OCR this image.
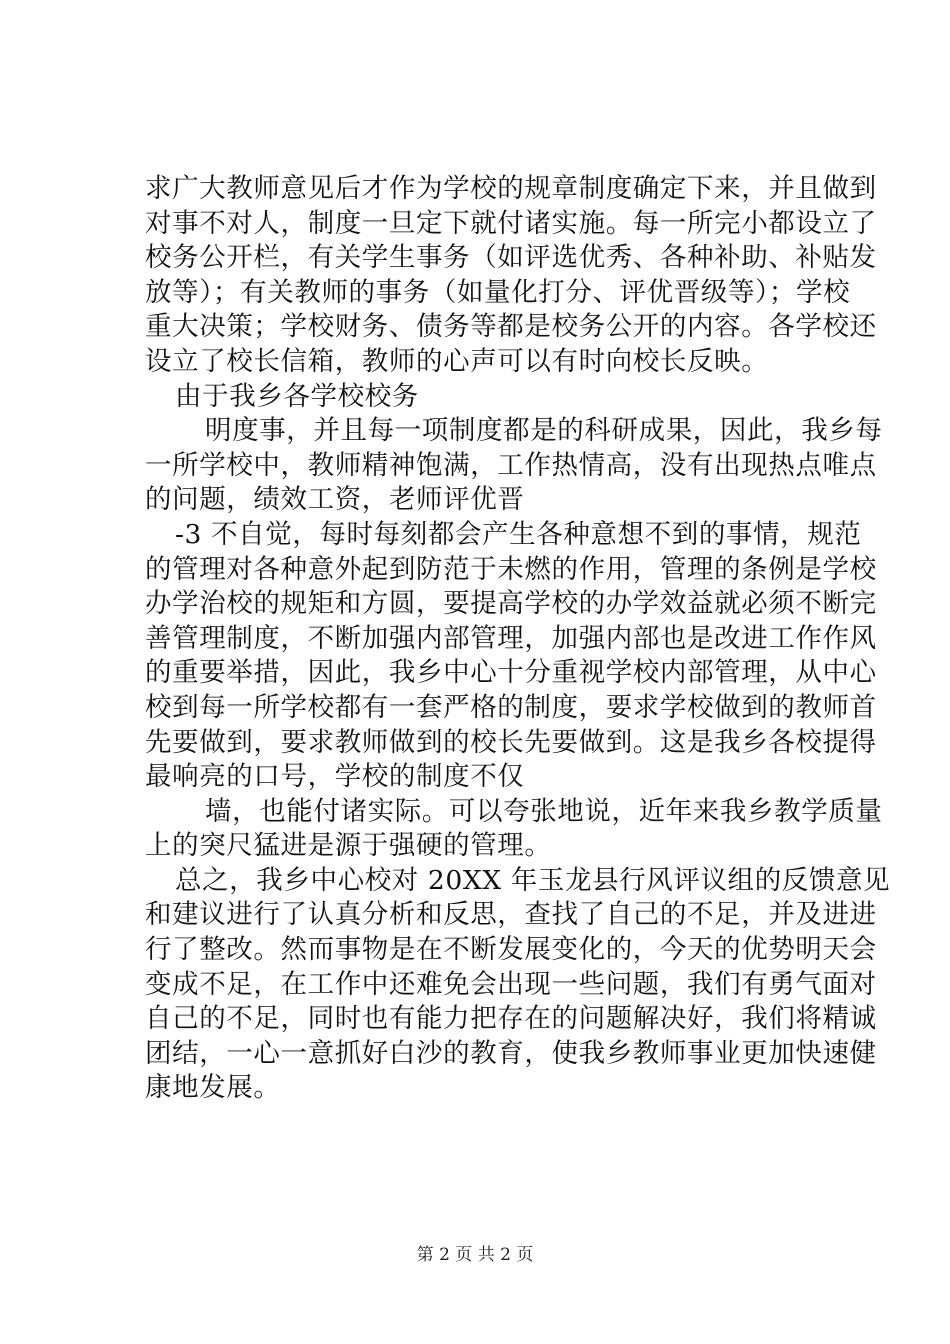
求广大教师意见后才作为学校的规章制度确定下来，并且做到
对事不对人，制度一旦定下就付诸实施。每一所完小都设立了
校务公开栏，有关学生事务（如评选优秀、各种补助、补贴发
放等）；有关教师的事务（如量化打分、评优晋级等）；学校
重大决策；学校财务、债务等都是校务公开的内容。各学校还
设立了校长信箱，教师的心声可以有时向校长反映。
由于我乡各学校校务
明度事，并且每一项制度都是的科研成果，因此，我乡每
一所学校中，教师精神饱满，工作热情高，没有出现热点唯点
的问题，绩效工资，老师评优晋
-3 不自觉，每时每刻都会产生各种意想不到的事情，规范
的管理对各种意外起到防范于未燃的作用，管理的条例是学校
办学治校的规矩和方圆，要提高学校的办学效益就必须不断完
善管理制度，不断加强内部管理，加强内部也是改进工作作风
的重要举措，因此，我乡中心十分重视学校内部管理，从中心
校到每一所学校都有一套严格的制度，要求学校做到的教师首
先要做到，要求教师做到的校长先要做到。这是我乡各校提得
最响亮的口号，学校的制度不仅
墙，也能付诸实际。可以夸张地说，近年来我乡教学质量
上的突尺猛进是源于强硬的管理。
总之，我乡中心校对 20XX 年玉龙县行风评议组的反馈意见
和建议进行了认真分析和反思，查找了自己的不足，并及进进
行了整改。然而事物是在不断发展变化的，今天的优势明天会
变成不足，在工作中还难免会出现一些问题，我们有勇气面对
自己的不足，同时也有能力把存在的问题解决好，我们将精诚
团结，一心一意抓好白沙的教育，使我乡教师事业更加快速健
康地发展。
第 2 页 共 2 页
